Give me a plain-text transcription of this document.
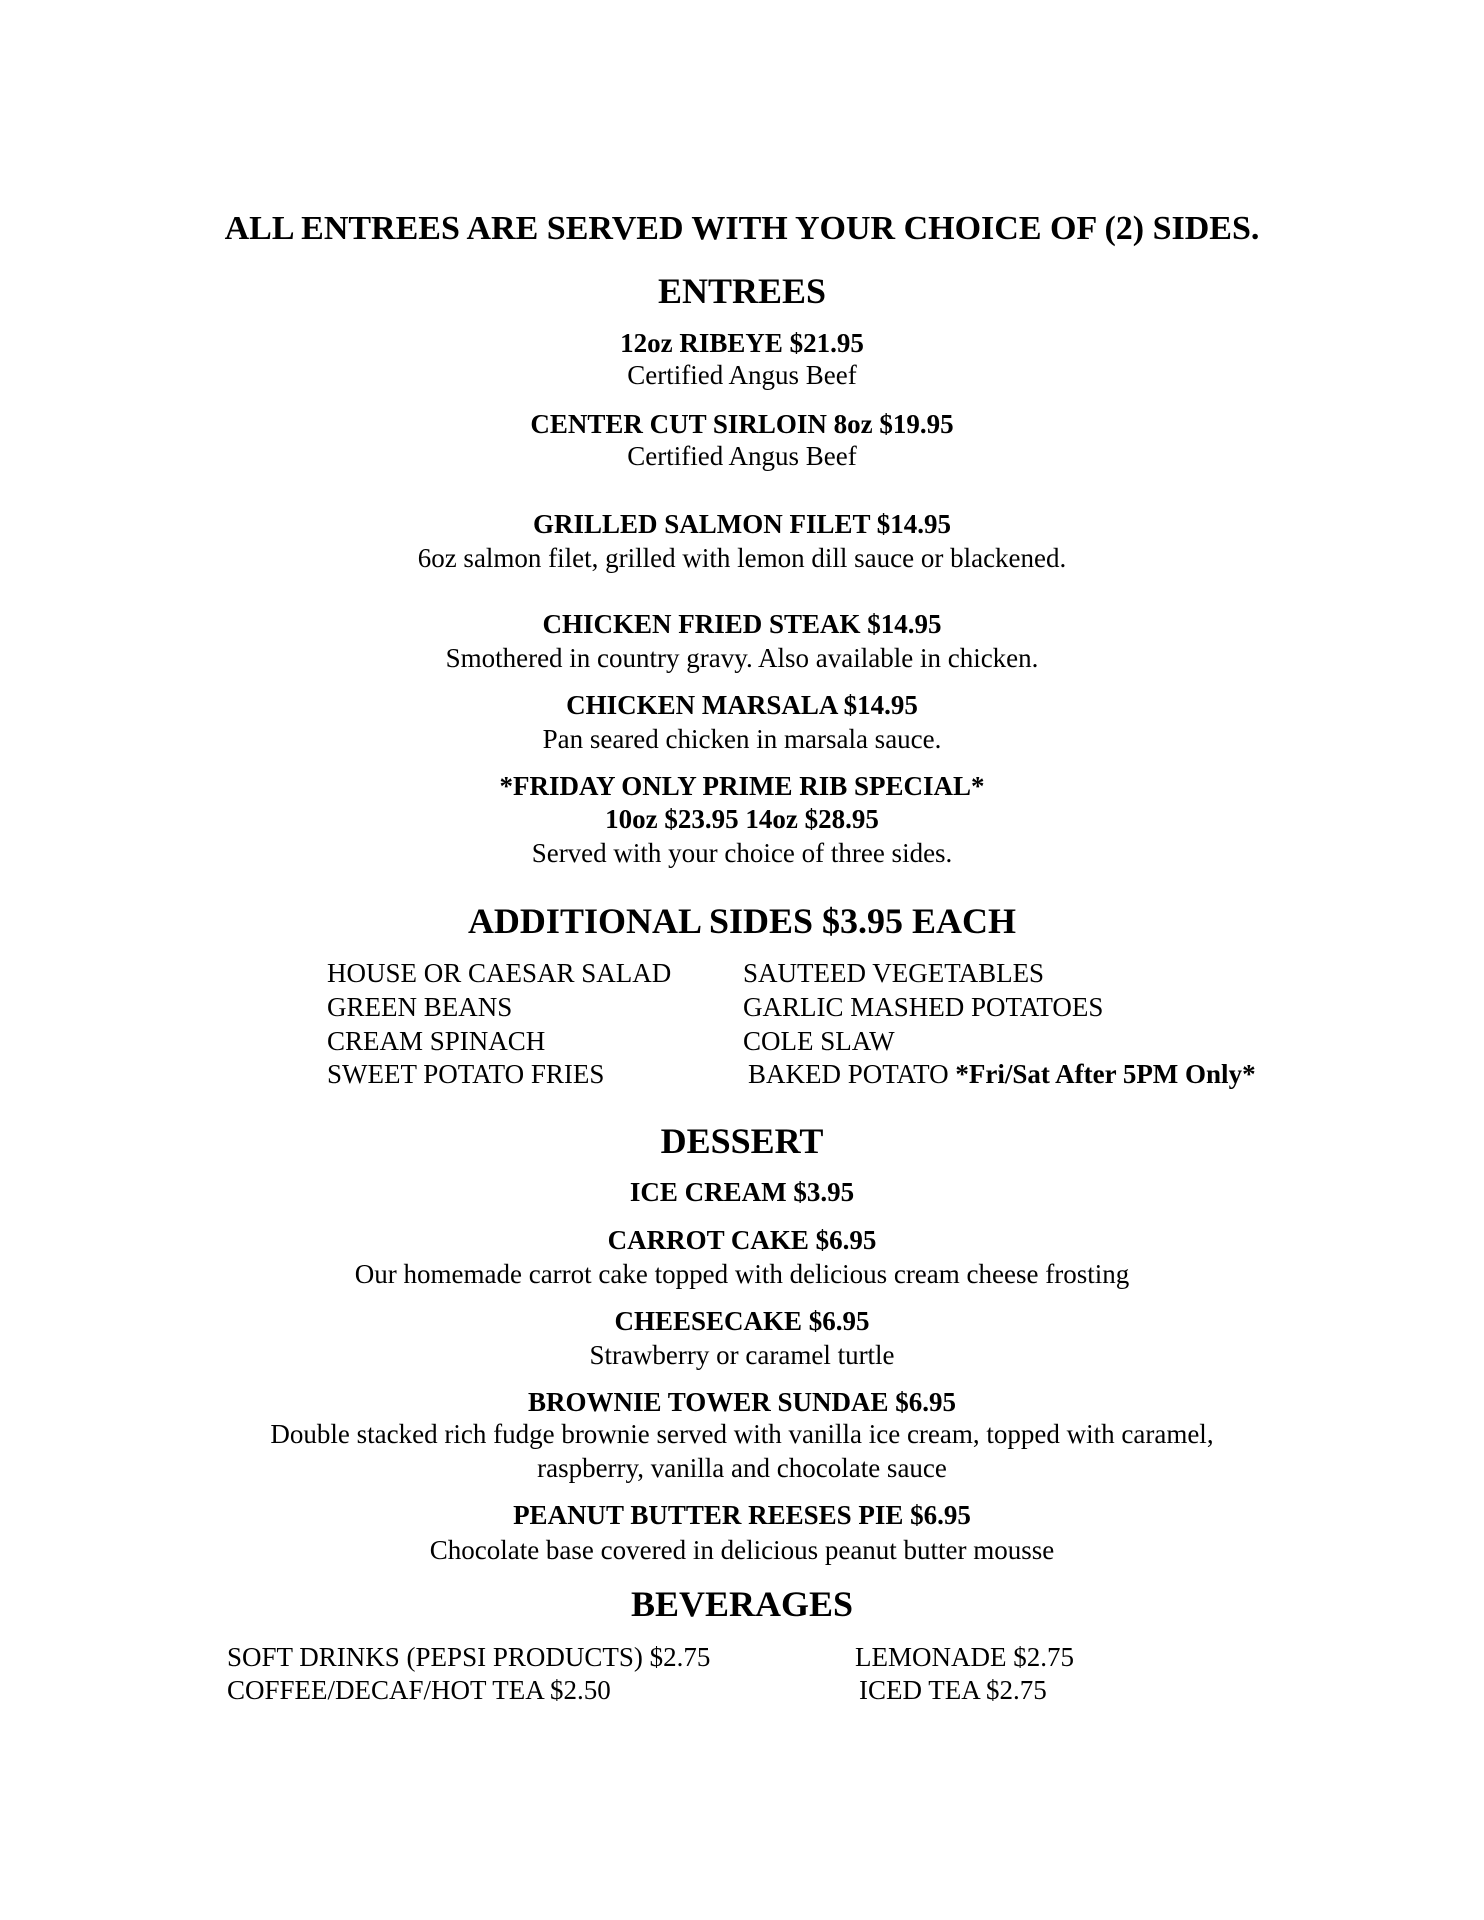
ALL ENTREES ARE SERVED WITH YOUR CHOICE OF (2) SIDES.
ENTREES
12oz RIBEYE $21.95
Certified Angus Beef
CENTER CUT SIRLOIN 8oz $19.95
Certified Angus Beef
GRILLED SALMON FILET $14.95
6oz salmon filet, grilled with lemon dill sauce or blackened.
CHICKEN FRIED STEAK $14.95
Smothered in country gravy. Also available in chicken.
CHICKEN MARSALA $14.95
Pan seared chicken in marsala sauce.
*FRIDAY ONLY PRIME RIB SPECIAL*
10oz $23.95 14oz $28.95
Served with your choice of three sides.
ADDITIONAL SIDES $3.95 EACH
HOUSE OR CAESAR SALAD
GREEN BEANS
CREAM SPINACH
SWEET POTATO FRIES
SAUTEED VEGETABLES
GARLIC MASHED POTATOES
COLE SLAW
BAKED POTATO *Fri/Sat After 5PM Only*
DESSERT
ICE CREAM $3.95
CARROT CAKE $6.95
Our homemade carrot cake topped with delicious cream cheese frosting
CHEESECAKE $6.95
Strawberry or caramel turtle
BROWNIE TOWER SUNDAE $6.95
Double stacked rich fudge brownie served with vanilla ice cream, topped with caramel,
raspberry, vanilla and chocolate sauce
PEANUT BUTTER REESES PIE $6.95
Chocolate base covered in delicious peanut butter mousse
BEVERAGES
SOFT DRINKS (PEPSI PRODUCTS) $2.75
COFFEE/DECAF/HOT TEA $2.50
LEMONADE $2.75
ICED TEA $2.75
